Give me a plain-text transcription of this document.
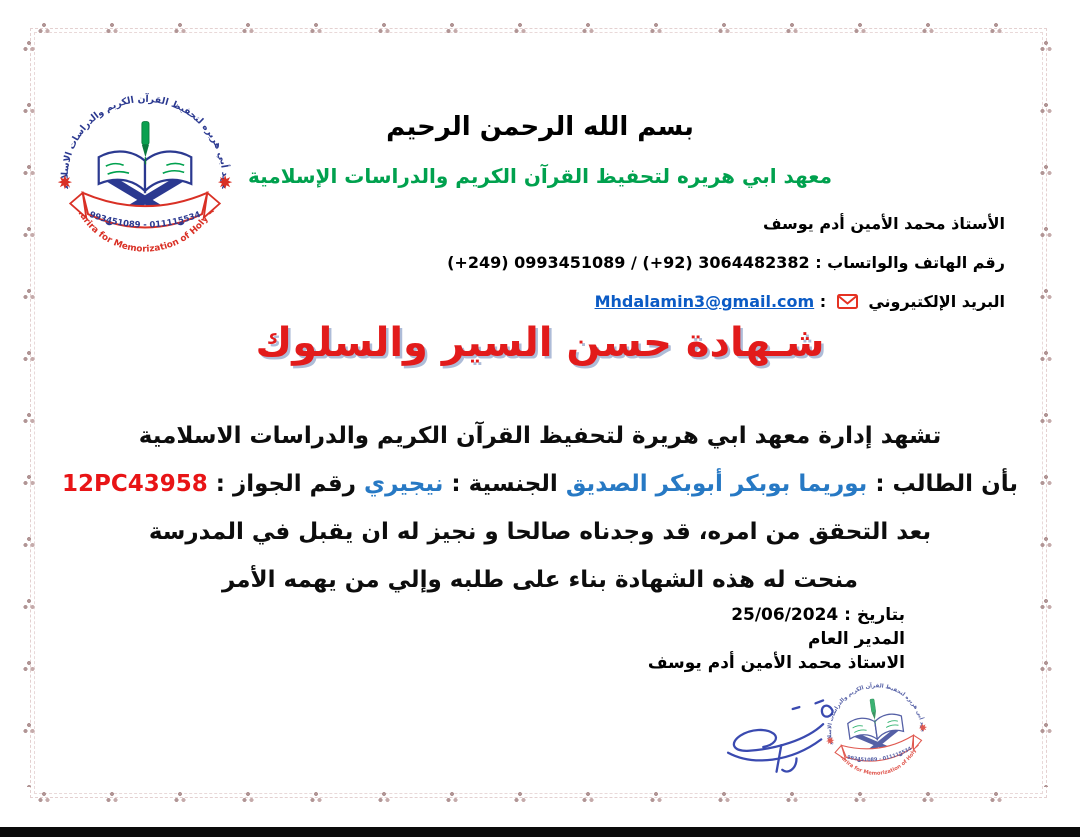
بسم الله الرحمن الرحيم
معهد ابي هريره لتحفيظ القرآن الكريم والدراسات الإسلامية
الأستاذ محمد الأمين أدم يوسف
رقم الهاتف والواتساب : (+249) 0993451089 / (+92) 3064482382
البريد الإلكتيروني  : Mhdalamin3@gmail.com
شـهادة حسن السير والسلوك
تشهد إدارة معهد ابي هريرة لتحفيظ القرآن الكريم والدراسات الاسلامية
بأن الطالب : بوريما بوبكر أبوبكر الصديق الجنسية : نيجيري رقم الجواز : 12PC43958
بعد التحقق من امره، قد وجدناه صالحا و نجيز له ان يقبل في المدرسة
منحت له هذه الشهادة بناء على طلبه وإلي من يهمه الأمر
بتاريخ : 25/06/2024
المدير العام
الاستاذ محمد الأمين أدم يوسف
